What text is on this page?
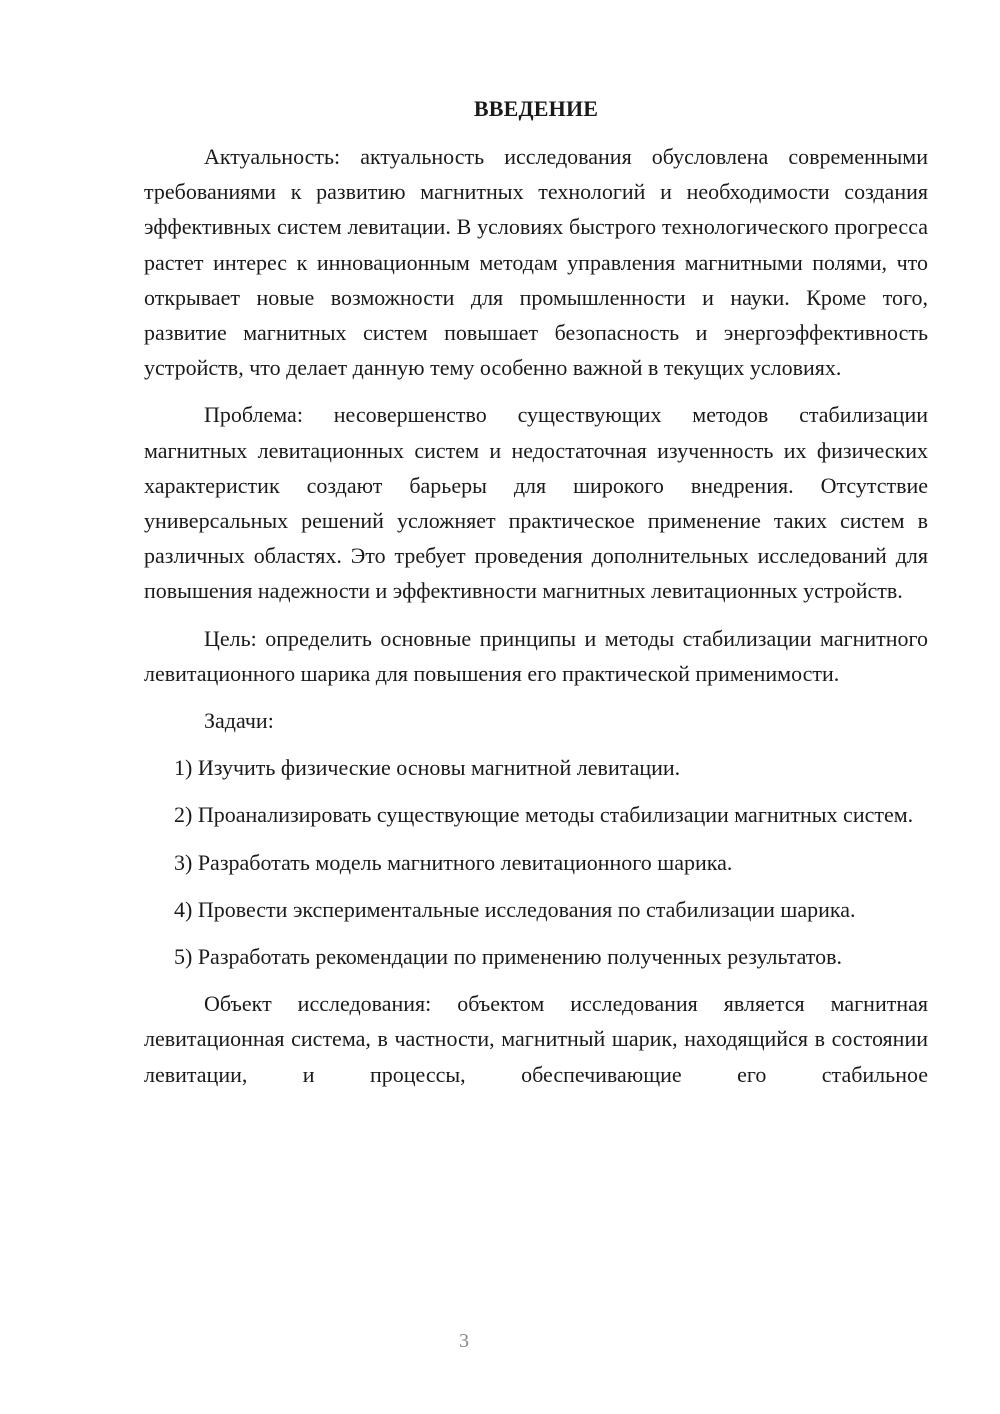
ВВЕДЕНИЕ

Актуальность: актуальность исследования обусловлена современными требованиями к развитию магнитных технологий и необходимости создания эффективных систем левитации. В условиях быстрого технологического прогресса растет интерес к инновационным методам управления магнитными полями, что открывает новые возможности для промышленности и науки. Кроме того, развитие магнитных систем повышает безопасность и энергоэффективность устройств, что делает данную тему особенно важной в текущих условиях.

Проблема: несовершенство существующих методов стабилизации магнитных левитационных систем и недостаточная изученность их физических характеристик создают барьеры для широкого внедрения. Отсутствие универсальных решений усложняет практическое применение таких систем в различных областях. Это требует проведения дополнительных исследований для повышения надежности и эффективности магнитных левитационных устройств.

Цель: определить основные принципы и методы стабилизации магнитного левитационного шарика для повышения его практической применимости.

Задачи:

1) Изучить физические основы магнитной левитации.
2) Проанализировать существующие методы стабилизации магнитных систем.
3) Разработать модель магнитного левитационного шарика.
4) Провести экспериментальные исследования по стабилизации шарика.
5) Разработать рекомендации по применению полученных результатов.

Объект исследования: объектом исследования является магнитная левитационная система, в частности, магнитный шарик, находящийся в состоянии левитации, и процессы, обеспечивающие его стабильное

3
